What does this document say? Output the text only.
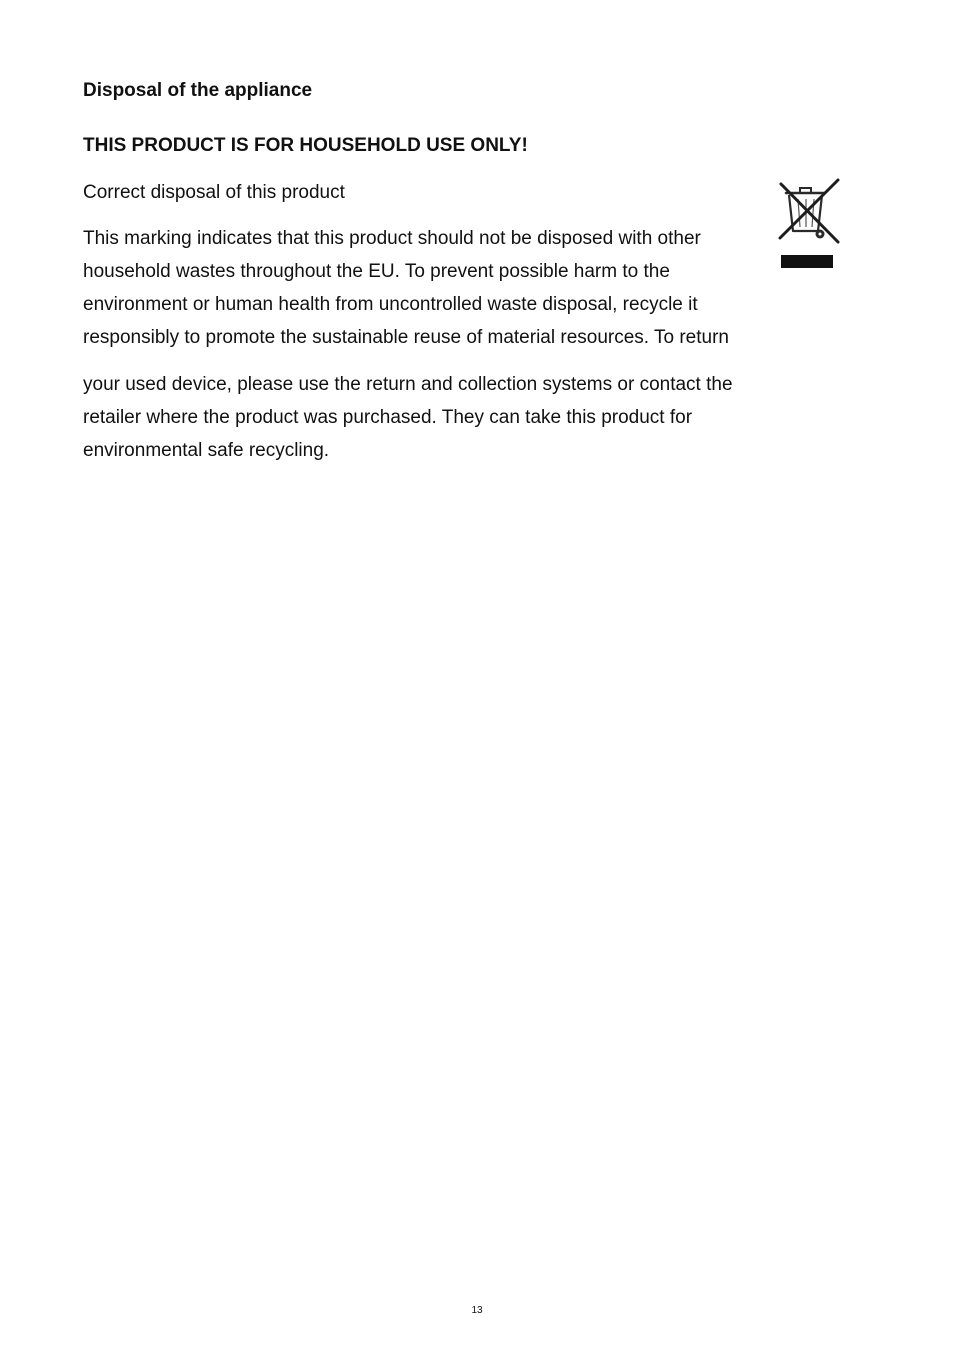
Disposal of the appliance
THIS PRODUCT IS FOR HOUSEHOLD USE ONLY!
Correct disposal of this product
This marking indicates that this product should not be disposed with other
household wastes throughout the EU. To prevent possible harm to the
environment or human health from uncontrolled waste disposal, recycle it
responsibly to promote the sustainable reuse of material resources. To return
your used device, please use the return and collection systems or contact the
retailer where the product was purchased. They can take this product for
environmental safe recycling.
13
